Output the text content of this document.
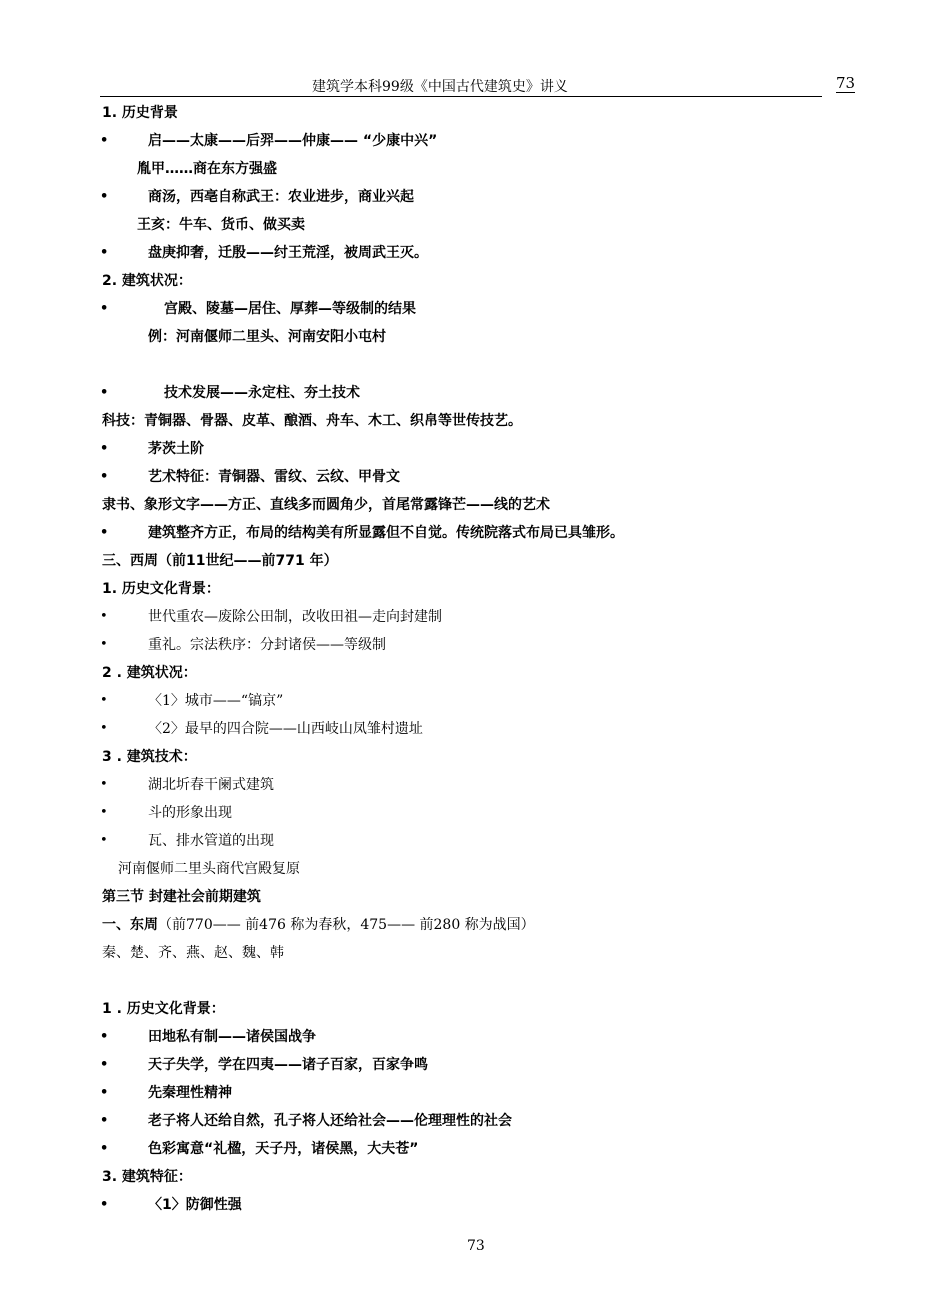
建筑学本科99级《中国古代建筑史》讲义	73
1. 历史背景
•	启——太康——后羿——仲康—— “少康中兴”
胤甲……商在东方强盛
•	商汤，西亳自称武王：农业进步，商业兴起
王亥：牛车、货币、做买卖
•	盘庚抑奢，迁殷——纣王荒淫，被周武王灭。
2. 建筑状况：
•	宫殿、陵墓—居住、厚葬—等级制的结果
例：河南偃师二里头、河南安阳小屯村
•	技术发展——永定柱、夯土技术
科技：青铜器、骨器、皮革、酿酒、舟车、木工、织帛等世传技艺。
•	茅茨土阶
•	艺术特征：青铜器、雷纹、云纹、甲骨文
隶书、象形文字——方正、直线多而圆角少，首尾常露锋芒——线的艺术
•	建筑整齐方正，布局的结构美有所显露但不自觉。传统院落式布局已具雏形。
三、西周（前11世纪——前771 年）
1. 历史文化背景：
•	世代重农—废除公田制，改收田祖—走向封建制
•	重礼。宗法秩序：分封诸侯——等级制
2 . 建筑状况：
•	〈1〉城市——“镐京”
•	〈2〉最早的四合院——山西岐山凤雏村遗址
3 . 建筑技术：
•	湖北圻春干阑式建筑
•	斗的形象出现
•	瓦、排水管道的出现
河南偃师二里头商代宫殿复原
第三节 封建社会前期建筑
一、东周（前770—— 前476 称为春秋，475—— 前280 称为战国）
秦、楚、齐、燕、赵、魏、韩
1 . 历史文化背景：
•	田地私有制——诸侯国战争
•	天子失学，学在四夷——诸子百家，百家争鸣
•	先秦理性精神
•	老子将人还给自然，孔子将人还给社会——伦理理性的社会
•	色彩寓意“礼楹，天子丹，诸侯黑，大夫苍”
3. 建筑特征：
•	〈1〉防御性强
73
